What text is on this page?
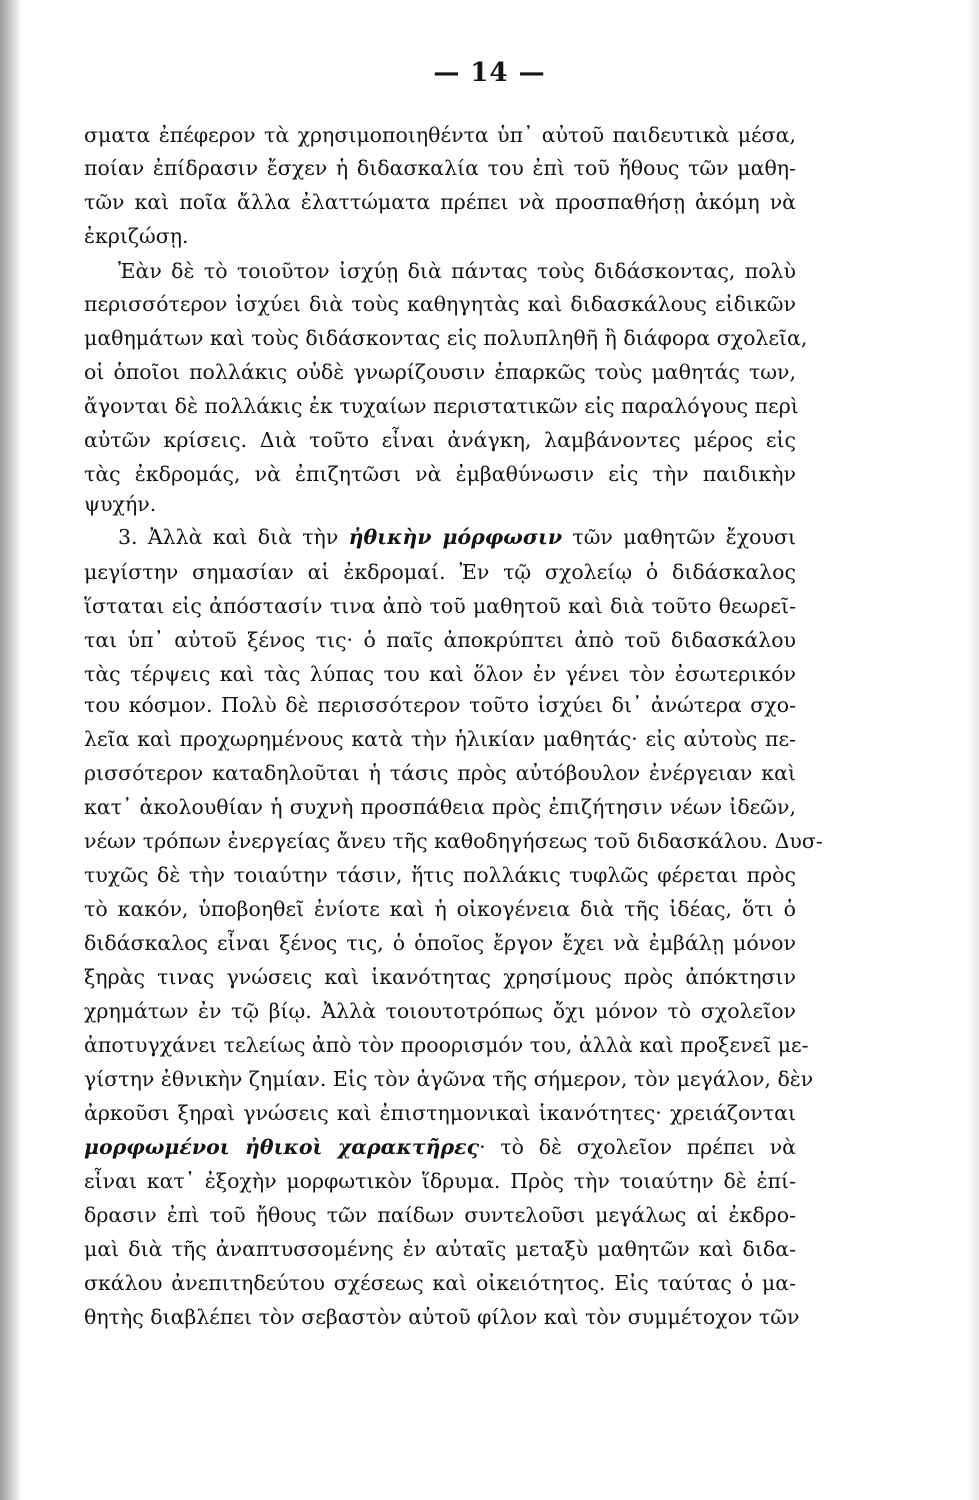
— 14 —
σματα ἐπέφερον τὰ χρησιμοποιηθέντα ὑπ᾽ αὐτοῦ παιδευτικὰ μέσα,
ποίαν ἐπίδρασιν ἔσχεν ἡ διδασκαλία του ἐπὶ τοῦ ἤθους τῶν μαθη-
τῶν καὶ ποῖα ἄλλα ἐλαττώματα πρέπει νὰ προσπαθήσῃ ἀκόμη νὰ
ἐκριζώσῃ.
Ἐὰν δὲ τὸ τοιοῦτον ἰσχύῃ διὰ πάντας τοὺς διδάσκοντας, πολὺ
περισσότερον ἰσχύει διὰ τοὺς καθηγητὰς καὶ διδασκάλους εἰδικῶν
μαθημάτων καὶ τοὺς διδάσκοντας εἰς πολυπληθῆ ἢ διάφορα σχολεῖα,
οἱ ὁποῖοι πολλάκις οὐδὲ γνωρίζουσιν ἐπαρκῶς τοὺς μαθητάς των,
ἄγονται δὲ πολλάκις ἐκ τυχαίων περιστατικῶν εἰς παραλόγους περὶ
αὐτῶν κρίσεις. Διὰ τοῦτο εἶναι ἀνάγκη, λαμβάνοντες μέρος εἰς
τὰς ἐκδρομάς, νὰ ἐπιζητῶσι νὰ ἐμβαθύνωσιν εἰς τὴν παιδικὴν
ψυχήν.
3. Ἀλλὰ καὶ διὰ τὴν ἠθικὴν μόρφωσιν τῶν μαθητῶν ἔχουσι
μεγίστην σημασίαν αἱ ἐκδρομαί. Ἐν τῷ σχολείῳ ὁ διδάσκαλος
ἵσταται εἰς ἀπόστασίν τινα ἀπὸ τοῦ μαθητοῦ καὶ διὰ τοῦτο θεωρεῖ-
ται ὑπ᾽ αὐτοῦ ξένος τις· ὁ παῖς ἀποκρύπτει ἀπὸ τοῦ διδασκάλου
τὰς τέρψεις καὶ τὰς λύπας του καὶ ὅλον ἐν γένει τὸν ἐσωτερικόν
του κόσμον. Πολὺ δὲ περισσότερον τοῦτο ἰσχύει δι᾽ ἀνώτερα σχο-
λεῖα καὶ προχωρημένους κατὰ τὴν ἡλικίαν μαθητάς· εἰς αὐτοὺς πε-
ρισσότερον καταδηλοῦται ἡ τάσις πρὸς αὐτόβουλον ἐνέργειαν καὶ
κατ᾽ ἀκολουθίαν ἡ συχνὴ προσπάθεια πρὸς ἐπιζήτησιν νέων ἰδεῶν,
νέων τρόπων ἐνεργείας ἄνευ τῆς καθοδηγήσεως τοῦ διδασκάλου. Δυσ-
τυχῶς δὲ τὴν τοιαύτην τάσιν, ἥτις πολλάκις τυφλῶς φέρεται πρὸς
τὸ κακόν, ὑποβοηθεῖ ἐνίοτε καὶ ἡ οἰκογένεια διὰ τῆς ἰδέας, ὅτι ὁ
διδάσκαλος εἶναι ξένος τις, ὁ ὁποῖος ἔργον ἔχει νὰ ἐμβάλῃ μόνον
ξηρὰς τινας γνώσεις καὶ ἱκανότητας χρησίμους πρὸς ἀπόκτησιν
χρημάτων ἐν τῷ βίῳ. Ἀλλὰ τοιουτοτρόπως ὄχι μόνον τὸ σχολεῖον
ἀποτυγχάνει τελείως ἀπὸ τὸν προορισμόν του, ἀλλὰ καὶ προξενεῖ με-
γίστην ἐθνικὴν ζημίαν. Εἰς τὸν ἀγῶνα τῆς σήμερον, τὸν μεγάλον, δὲν
ἀρκοῦσι ξηραὶ γνώσεις καὶ ἐπιστημονικαὶ ἱκανότητες· χρειάζονται
μορφωμένοι ἠθικοὶ χαρακτῆρες· τὸ δὲ σχολεῖον πρέπει νὰ
εἶναι κατ᾽ ἐξοχὴν μορφωτικὸν ἵδρυμα. Πρὸς τὴν τοιαύτην δὲ ἐπί-
δρασιν ἐπὶ τοῦ ἤθους τῶν παίδων συντελοῦσι μεγάλως αἱ ἐκδρο-
μαὶ διὰ τῆς ἀναπτυσσομένης ἐν αὐταῖς μεταξὺ μαθητῶν καὶ διδα-
σκάλου ἀνεπιτηδεύτου σχέσεως καὶ οἰκειότητος. Εἰς ταύτας ὁ μα-
θητὴς διαβλέπει τὸν σεβαστὸν αὐτοῦ φίλον καὶ τὸν συμμέτοχον τῶν
